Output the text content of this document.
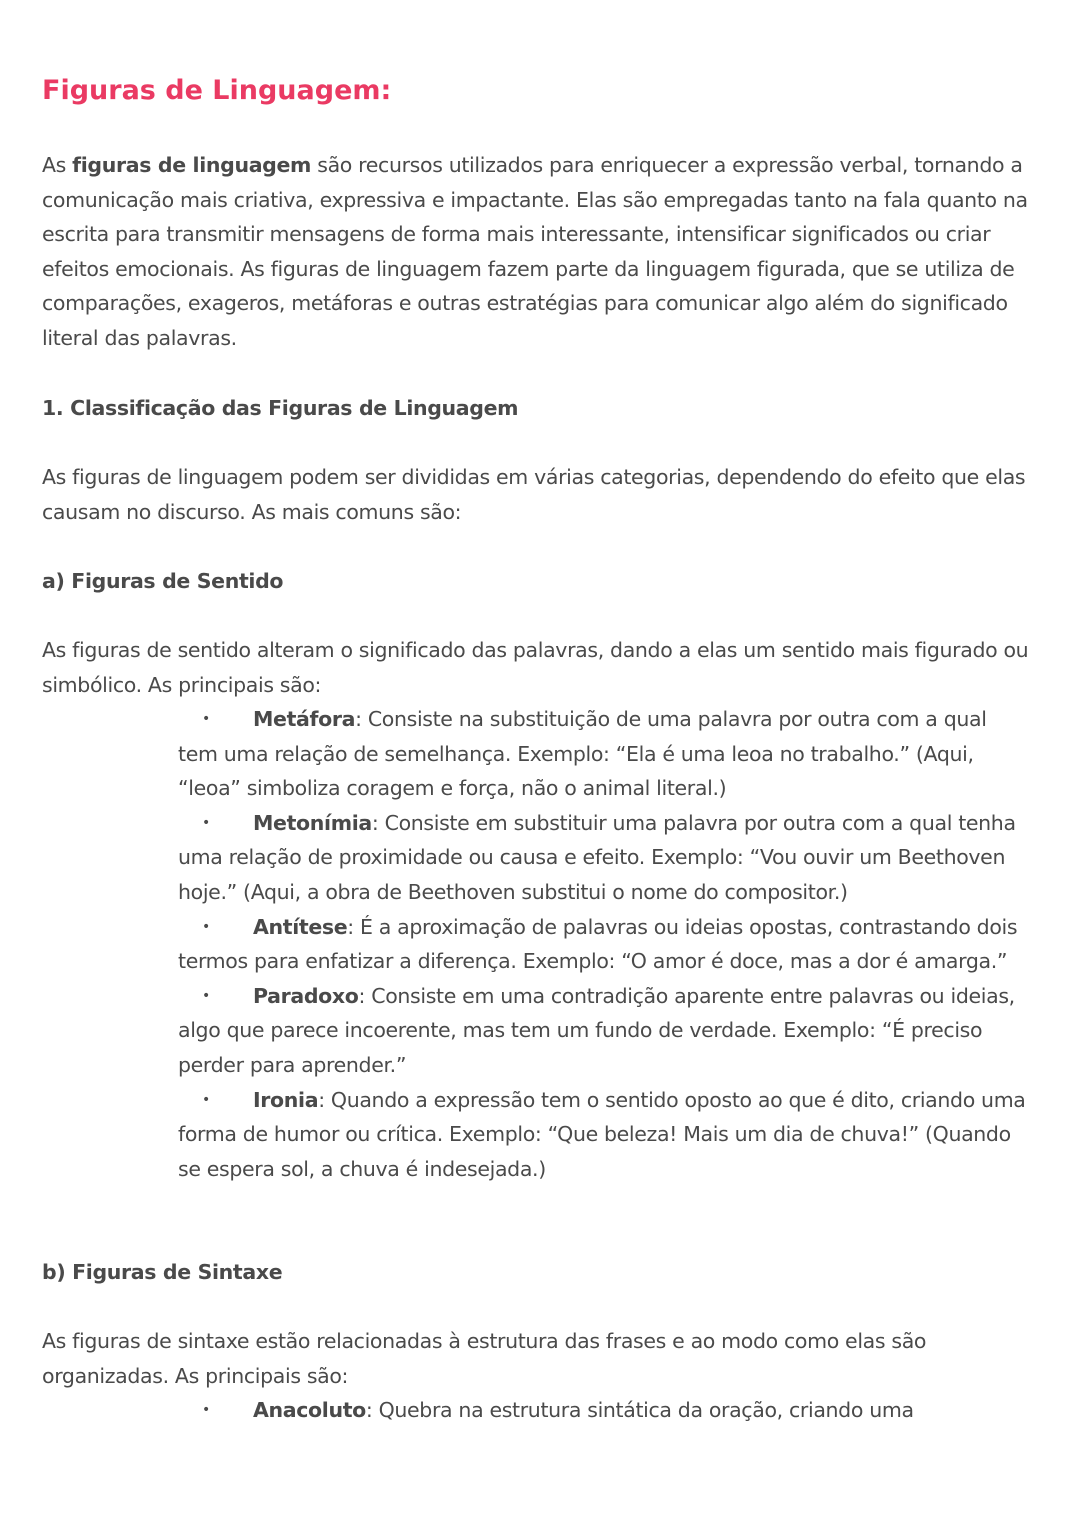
Figuras de Linguagem:

As figuras de linguagem são recursos utilizados para enriquecer a expressão verbal, tornando a comunicação mais criativa, expressiva e impactante. Elas são empregadas tanto na fala quanto na escrita para transmitir mensagens de forma mais interessante, intensificar significados ou criar efeitos emocionais. As figuras de linguagem fazem parte da linguagem figurada, que se utiliza de comparações, exageros, metáforas e outras estratégias para comunicar algo além do significado literal das palavras.

1. Classificação das Figuras de Linguagem

As figuras de linguagem podem ser divididas em várias categorias, dependendo do efeito que elas causam no discurso. As mais comuns são:

a) Figuras de Sentido

As figuras de sentido alteram o significado das palavras, dando a elas um sentido mais figurado ou simbólico. As principais são:

• Metáfora: Consiste na substituição de uma palavra por outra com a qual tem uma relação de semelhança. Exemplo: “Ela é uma leoa no trabalho.” (Aqui, “leoa” simboliza coragem e força, não o animal literal.)
• Metonímia: Consiste em substituir uma palavra por outra com a qual tenha uma relação de proximidade ou causa e efeito. Exemplo: “Vou ouvir um Beethoven hoje.” (Aqui, a obra de Beethoven substitui o nome do compositor.)
• Antítese: É a aproximação de palavras ou ideias opostas, contrastando dois termos para enfatizar a diferença. Exemplo: “O amor é doce, mas a dor é amarga.”
• Paradoxo: Consiste em uma contradição aparente entre palavras ou ideias, algo que parece incoerente, mas tem um fundo de verdade. Exemplo: “É preciso perder para aprender.”
• Ironia: Quando a expressão tem o sentido oposto ao que é dito, criando uma forma de humor ou crítica. Exemplo: “Que beleza! Mais um dia de chuva!” (Quando se espera sol, a chuva é indesejada.)
b) Figuras de Sintaxe

As figuras de sintaxe estão relacionadas à estrutura das frases e ao modo como elas são organizadas. As principais são:

• Anacoluto: Quebra na estrutura sintática da oração, criando uma
